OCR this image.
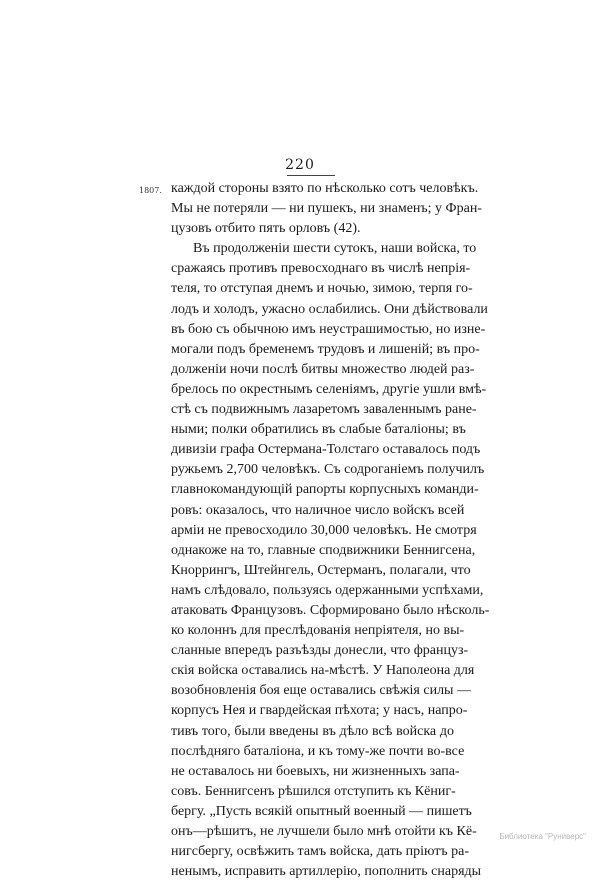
220
1807. каждой стороны взято по нѣсколько сотъ человѣкъ.
Мы не потеряли — ни пушекъ, ни знаменъ; у Фран-
цузовъ отбито пять орловъ (42).
Въ продолженіи шести сутокъ, наши войска, то
сражаясь противъ превосходнаго въ числѣ непрія-
теля, то отступая днемъ и ночью, зимою, терпя го-
лодъ и холодъ, ужасно ослабились. Они дѣйствовали
въ бою съ обычною имъ неустрашимостью, но изне-
могали подъ бременемъ трудовъ и лишеній; въ про-
долженіи ночи послѣ битвы множество людей раз-
брелось по окрестнымъ селеніямъ, другіе ушли вмѣ-
стѣ съ подвижнымъ лазаретомъ заваленнымъ ране-
ными; полки обратились въ слабые баталіоны; въ
дивизіи графа Остермана-Толстаго оставалось подъ
ружьемъ 2,700 человѣкъ. Съ содроганіемъ получилъ
главнокомандующій рапорты корпусныхъ команди-
ровъ: оказалось, что наличное число войскъ всей
арміи не превосходило 30,000 человѣкъ. Не смотря
однакоже на то, главные сподвижники Беннигсена,
Кноррингъ, Штейнгель, Остерманъ, полагали, что
намъ слѣдовало, пользуясь одержанными успѣхами,
атаковать Французовъ. Сформировано было нѣсколь-
ко колоннъ для преслѣдованія непріятеля, но вы-
сланные впередъ разъѣзды донесли, что француз-
скія войска оставались на-мѣстѣ. У Наполеона для
возобновленія боя еще оставались свѣжія силы —
корпусъ Нея и гвардейская пѣхота; у насъ, напро-
тивъ того, были введены въ дѣло всѣ войска до
послѣдняго баталіона, и къ тому-же почти во-все
не оставалось ни боевыхъ, ни жизненныхъ запа-
совъ. Беннигсенъ рѣшился отступить къ Кёниг-
бергу. „Пусть всякій опытный военный — пишетъ
онъ—рѣшитъ, не лучшели было мнѣ отойти къ Кё-
нигсбергу, освѣжить тамъ войска, дать пріютъ ра-
ненымъ, исправить артиллерію, пополнить снаряды
Библиотека "Руниверс"
